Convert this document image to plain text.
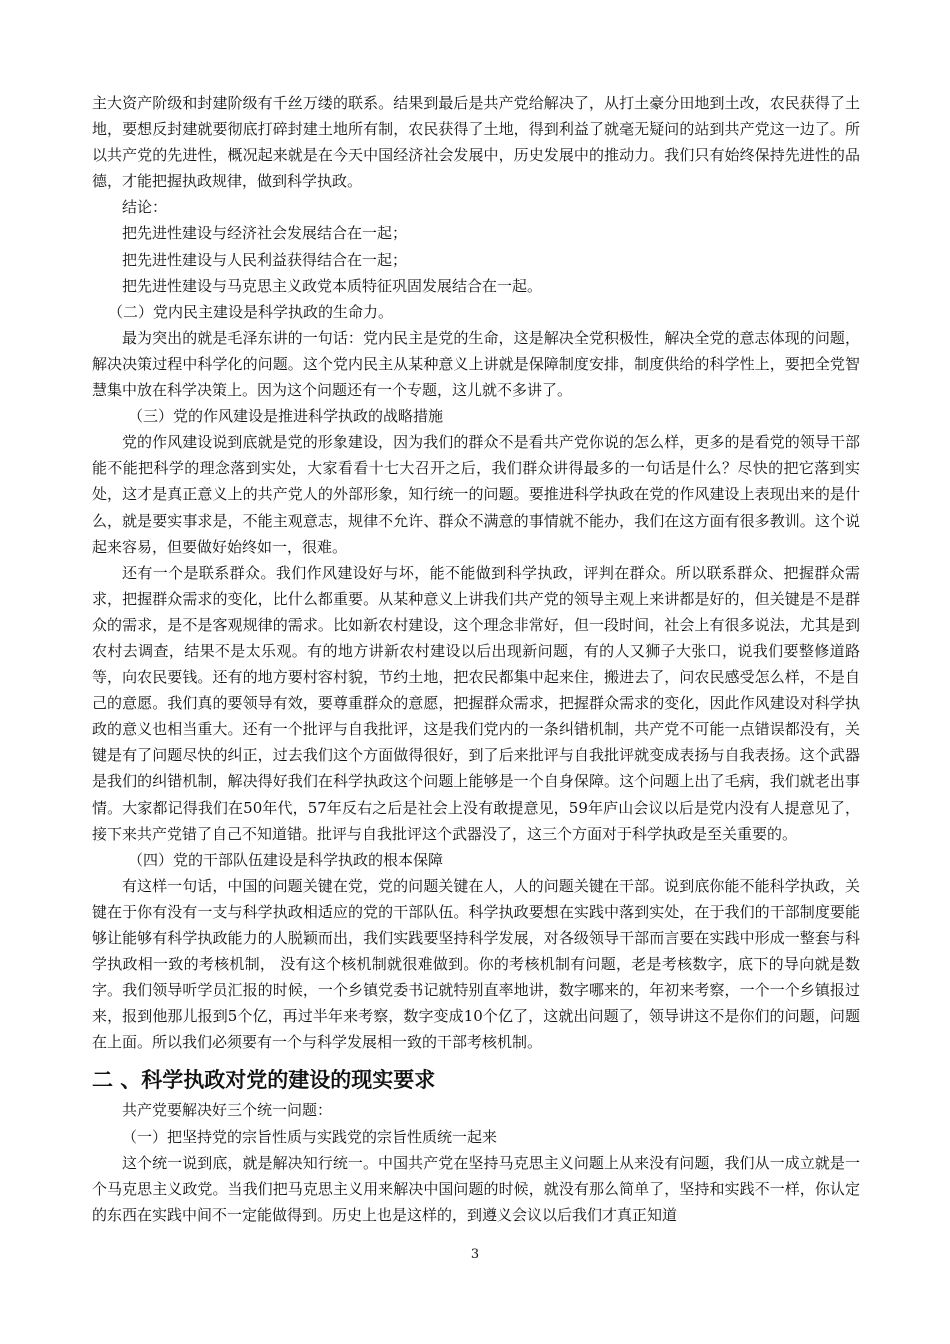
主大资产阶级和封建阶级有千丝万缕的联系。结果到最后是共产党给解决了，从打土豪分田地到土改，农民获得了土地，要想反封建就要彻底打碎封建土地所有制，农民获得了土地，得到利益了就毫无疑问的站到共产党这一边了。所以共产党的先进性，概况起来就是在今天中国经济社会发展中，历史发展中的推动力。我们只有始终保持先进性的品德，才能把握执政规律，做到科学执政。

结论：

把先进性建设与经济社会发展结合在一起；

把先进性建设与人民利益获得结合在一起；

把先进性建设与马克思主义政党本质特征巩固发展结合在一起。

（二）党内民主建设是科学执政的生命力。

最为突出的就是毛泽东讲的一句话：党内民主是党的生命，这是解决全党积极性，解决全党的意志体现的问题，解决决策过程中科学化的问题。这个党内民主从某种意义上讲就是保障制度安排，制度供给的科学性上，要把全党智慧集中放在科学决策上。因为这个问题还有一个专题，这儿就不多讲了。

（三）党的作风建设是推进科学执政的战略措施

党的作风建设说到底就是党的形象建设，因为我们的群众不是看共产党你说的怎么样，更多的是看党的领导干部能不能把科学的理念落到实处，大家看看十七大召开之后，我们群众讲得最多的一句话是什么？尽快的把它落到实处，这才是真正意义上的共产党人的外部形象，知行统一的问题。要推进科学执政在党的作风建设上表现出来的是什么，就是要实事求是，不能主观意志，规律不允许、群众不满意的事情就不能办，我们在这方面有很多教训。这个说起来容易，但要做好始终如一，很难。

还有一个是联系群众。我们作风建设好与坏，能不能做到科学执政，评判在群众。所以联系群众、把握群众需求，把握群众需求的变化，比什么都重要。从某种意义上讲我们共产党的领导主观上来讲都是好的，但关键是不是群众的需求，是不是客观规律的需求。比如新农村建设，这个理念非常好，但一段时间，社会上有很多说法，尤其是到农村去调查，结果不是太乐观。有的地方讲新农村建设以后出现新问题，有的人又狮子大张口，说我们要整修道路等，向农民要钱。还有的地方要村容村貌，节约土地，把农民都集中起来住，搬进去了，问农民感受怎么样，不是自己的意愿。我们真的要领导有效，要尊重群众的意愿，把握群众需求，把握群众需求的变化，因此作风建设对科学执政的意义也相当重大。还有一个批评与自我批评，这是我们党内的一条纠错机制，共产党不可能一点错误都没有，关键是有了问题尽快的纠正，过去我们这个方面做得很好，到了后来批评与自我批评就变成表扬与自我表扬。这个武器是我们的纠错机制，解决得好我们在科学执政这个问题上能够是一个自身保障。这个问题上出了毛病，我们就老出事情。大家都记得我们在50年代，57年反右之后是社会上没有敢提意见，59年庐山会议以后是党内没有人提意见了，接下来共产党错了自己不知道错。批评与自我批评这个武器没了，这三个方面对于科学执政是至关重要的。

（四）党的干部队伍建设是科学执政的根本保障

有这样一句话，中国的问题关键在党，党的问题关键在人，人的问题关键在干部。说到底你能不能科学执政，关键在于你有没有一支与科学执政相适应的党的干部队伍。科学执政要想在实践中落到实处，在于我们的干部制度要能够让能够有科学执政能力的人脱颖而出，我们实践要坚持科学发展，对各级领导干部而言要在实践中形成一整套与科学执政相一致的考核机制， 没有这个核机制就很难做到。你的考核机制有问题，老是考核数字，底下的导向就是数字。我们领导听学员汇报的时候，一个乡镇党委书记就特别直率地讲，数字哪来的，年初来考察，一个一个乡镇报过来，报到他那儿报到5个亿，再过半年来考察，数字变成10个亿了，这就出问题了，领导讲这不是你们的问题，问题在上面。所以我们必须要有一个与科学发展相一致的干部考核机制。

二 、科学执政对党的建设的现实要求

共产党要解决好三个统一问题：

（一）把坚持党的宗旨性质与实践党的宗旨性质统一起来

这个统一说到底，就是解决知行统一。中国共产党在坚持马克思主义问题上从来没有问题，我们从一成立就是一个马克思主义政党。当我们把马克思主义用来解决中国问题的时候，就没有那么简单了，坚持和实践不一样，你认定的东西在实践中间不一定能做得到。历史上也是这样的，到遵义会议以后我们才真正知道

3
